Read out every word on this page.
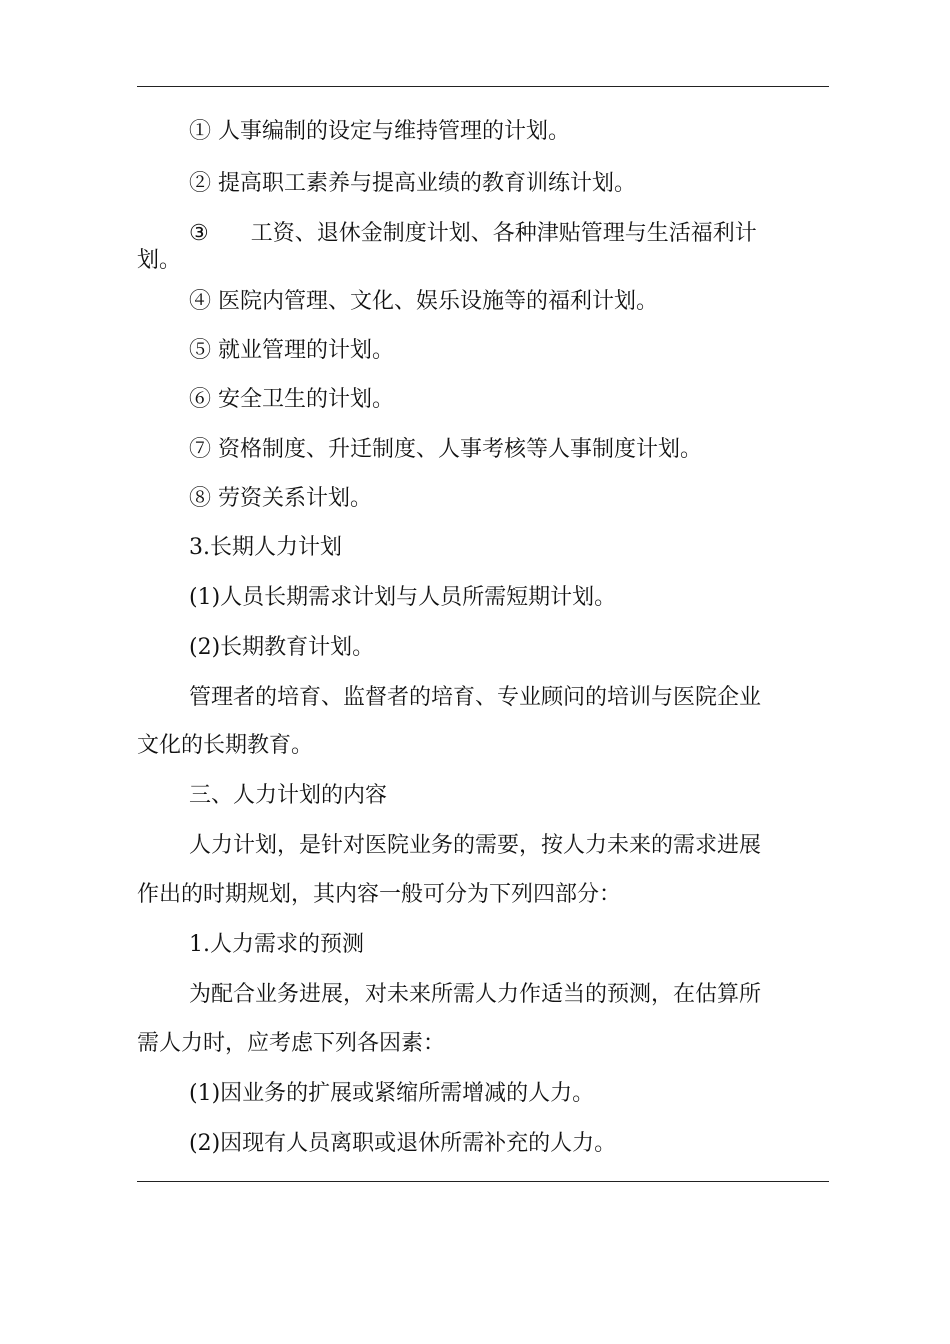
① 人事编制的设定与维持管理的计划。
② 提高职工素养与提高业绩的教育训练计划。
③ 工资、退休金制度计划、各种津贴管理与生活福利计
划。
④ 医院内管理、文化、娱乐设施等的福利计划。
⑤ 就业管理的计划。
⑥ 安全卫生的计划。
⑦ 资格制度、升迁制度、人事考核等人事制度计划。
⑧ 劳资关系计划。
3.长期人力计划
(1)人员长期需求计划与人员所需短期计划。
(2)长期教育计划。
管理者的培育、监督者的培育、专业顾问的培训与医院企业
文化的长期教育。
三、人力计划的内容
人力计划，是针对医院业务的需要，按人力未来的需求进展
作出的时期规划，其内容一般可分为下列四部分：
1.人力需求的预测
为配合业务进展，对未来所需人力作适当的预测，在估算所
需人力时，应考虑下列各因素：
(1)因业务的扩展或紧缩所需增减的人力。
(2)因现有人员离职或退休所需补充的人力。
